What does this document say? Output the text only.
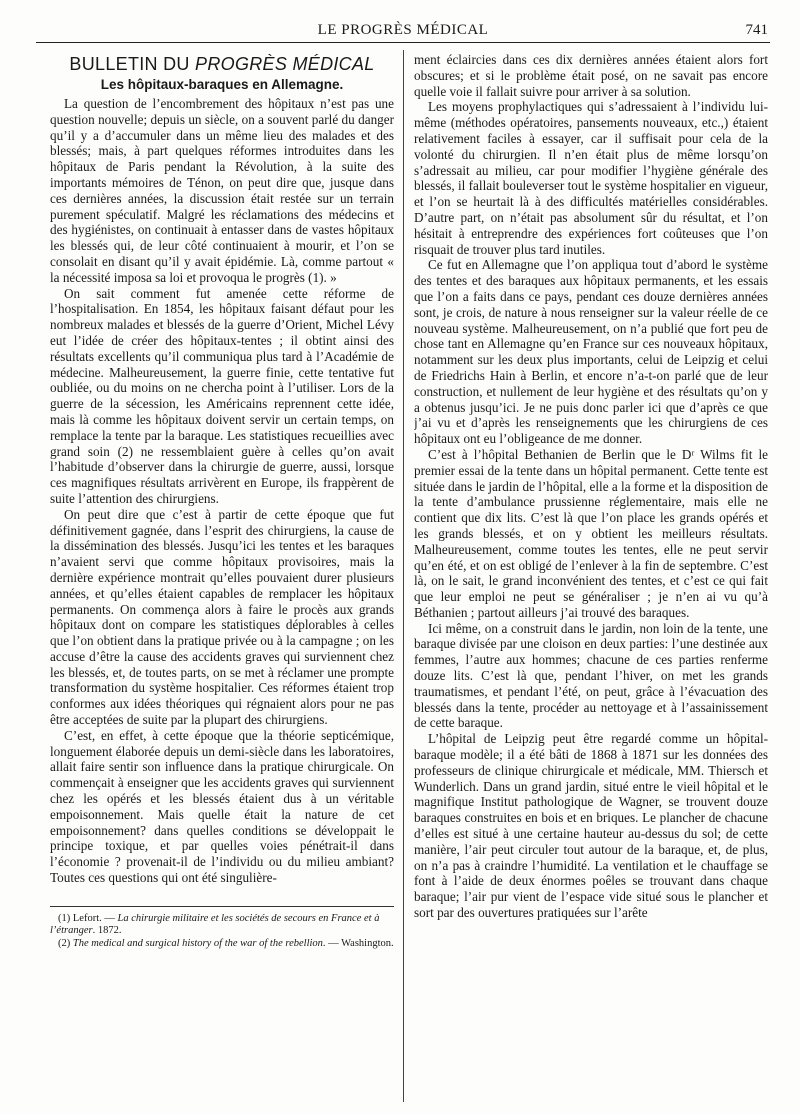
LE PROGRÈS MÉDICAL	741
BULLETIN DU PROGRÈS MÉDICAL
Les hôpitaux-baraques en Allemagne.

La question de l’encombrement des hôpitaux n’est pas une question nouvelle; depuis un siècle, on a souvent parlé du danger qu’il y a d’accumuler dans un même lieu des malades et des blessés; mais, à part quelques réformes introduites dans les hôpitaux de Paris pendant la Révolution, à la suite des importants mémoires de Ténon, on peut dire que, jusque dans ces dernières années, la discussion était restée sur un terrain purement spéculatif. Malgré les réclamations des médecins et des hygiénistes, on continuait à entasser dans de vastes hôpitaux les blessés qui, de leur côté continuaient à mourir, et l’on se consolait en disant qu’il y avait épidémie. Là, comme partout « la nécessité imposa sa loi et provoqua le progrès (1). »

On sait comment fut amenée cette réforme de l’hospitalisation. En 1854, les hôpitaux faisant défaut pour les nombreux malades et blessés de la guerre d’Orient, Michel Lévy eut l’idée de créer des hôpitaux-tentes ; il obtint ainsi des résultats excellents qu’il communiqua plus tard à l’Académie de médecine. Malheureusement, la guerre finie, cette tentative fut oubliée, ou du moins on ne chercha point à l’utiliser. Lors de la guerre de la sécession, les Américains reprennent cette idée, mais là comme les hôpitaux doivent servir un certain temps, on remplace la tente par la baraque. Les statistiques recueillies avec grand soin (2) ne ressemblaient guère à celles qu’on avait l’habitude d’observer dans la chirurgie de guerre, aussi, lorsque ces magnifiques résultats arrivèrent en Europe, ils frappèrent de suite l’attention des chirurgiens.

On peut dire que c’est à partir de cette époque que fut définitivement gagnée, dans l’esprit des chirurgiens, la cause de la dissémination des blessés. Jusqu’ici les tentes et les baraques n’avaient servi que comme hôpitaux provisoires, mais la dernière expérience montrait qu’elles pouvaient durer plusieurs années, et qu’elles étaient capables de remplacer les hôpitaux permanents. On commença alors à faire le procès aux grands hôpitaux dont on compare les statistiques déplorables à celles que l’on obtient dans la pratique privée ou à la campagne ; on les accuse d’être la cause des accidents graves qui surviennent chez les blessés, et, de toutes parts, on se met à réclamer une prompte transformation du système hospitalier. Ces réformes étaient trop conformes aux idées théoriques qui régnaient alors pour ne pas être acceptées de suite par la plupart des chirurgiens.

C’est, en effet, à cette époque que la théorie septicémique, longuement élaborée depuis un demi-siècle dans les laboratoires, allait faire sentir son influence dans la pratique chirurgicale. On commençait à enseigner que les accidents graves qui surviennent chez les opérés et les blessés étaient dus à un véritable empoisonnement. Mais quelle était la nature de cet empoisonnement? dans quelles conditions se développait le principe toxique, et par quelles voies pénétrait-il dans l’économie ? provenait-il de l’individu ou du milieu ambiant? Toutes ces questions qui ont été singulière-

(1) Lefort. — La chirurgie militaire et les sociétés de secours en France et à l’étranger. 1872.
(2) The medical and surgical history of the war of the rebellion. — Washington.

ment éclaircies dans ces dix dernières années étaient alors fort obscures; et si le problème était posé, on ne savait pas encore quelle voie il fallait suivre pour arriver à sa solution.

Les moyens prophylactiques qui s’adressaient à l’individu lui-même (méthodes opératoires, pansements nouveaux, etc.,) étaient relativement faciles à essayer, car il suffisait pour cela de la volonté du chirurgien. Il n’en était plus de même lorsqu’on s’adressait au milieu, car pour modifier l’hygiène générale des blessés, il fallait bouleverser tout le système hospitalier en vigueur, et l’on se heurtait là à des difficultés matérielles considérables. D’autre part, on n’était pas absolument sûr du résultat, et l’on hésitait à entreprendre des expériences fort coûteuses que l’on risquait de trouver plus tard inutiles.

Ce fut en Allemagne que l’on appliqua tout d’abord le système des tentes et des baraques aux hôpitaux permanents, et les essais que l’on a faits dans ce pays, pendant ces douze dernières années sont, je crois, de nature à nous renseigner sur la valeur réelle de ce nouveau système. Malheureusement, on n’a publié que fort peu de chose tant en Allemagne qu’en France sur ces nouveaux hôpitaux, notamment sur les deux plus importants, celui de Leipzig et celui de Friedrichs Hain à Berlin, et encore n’a-t-on parlé que de leur construction, et nullement de leur hygiène et des résultats qu’on y a obtenus jusqu’ici. Je ne puis donc parler ici que d’après ce que j’ai vu et d’après les renseignements que les chirurgiens de ces hôpitaux ont eu l’obligeance de me donner.

C’est à l’hôpital Bethanien de Berlin que le Dʳ Wilms fit le premier essai de la tente dans un hôpital permanent. Cette tente est située dans le jardin de l’hôpital, elle a la forme et la disposition de la tente d’ambulance prussienne réglementaire, mais elle ne contient que dix lits. C’est là que l’on place les grands opérés et les grands blessés, et on y obtient les meilleurs résultats. Malheureusement, comme toutes les tentes, elle ne peut servir qu’en été, et on est obligé de l’enlever à la fin de septembre. C’est là, on le sait, le grand inconvénient des tentes, et c’est ce qui fait que leur emploi ne peut se généraliser ; je n’en ai vu qu’à Béthanien ; partout ailleurs j’ai trouvé des baraques.

Ici même, on a construit dans le jardin, non loin de la tente, une baraque divisée par une cloison en deux parties: l’une destinée aux femmes, l’autre aux hommes; chacune de ces parties renferme douze lits. C’est là que, pendant l’hiver, on met les grands traumatismes, et pendant l’été, on peut, grâce à l’évacuation des blessés dans la tente, procéder au nettoyage et à l’assainissement de cette baraque.

L’hôpital de Leipzig peut être regardé comme un hôpital-baraque modèle; il a été bâti de 1868 à 1871 sur les données des professeurs de clinique chirurgicale et médicale, MM. Thiersch et Wunderlich. Dans un grand jardin, situé entre le vieil hôpital et le magnifique Institut pathologique de Wagner, se trouvent douze baraques construites en bois et en briques. Le plancher de chacune d’elles est situé à une certaine hauteur au-dessus du sol; de cette manière, l’air peut circuler tout autour de la baraque, et, de plus, on n’a pas à craindre l’humidité. La ventilation et le chauffage se font à l’aide de deux énormes poêles se trouvant dans chaque baraque; l’air pur vient de l’espace vide situé sous le plancher et sort par des ouvertures pratiquées sur l’arête
